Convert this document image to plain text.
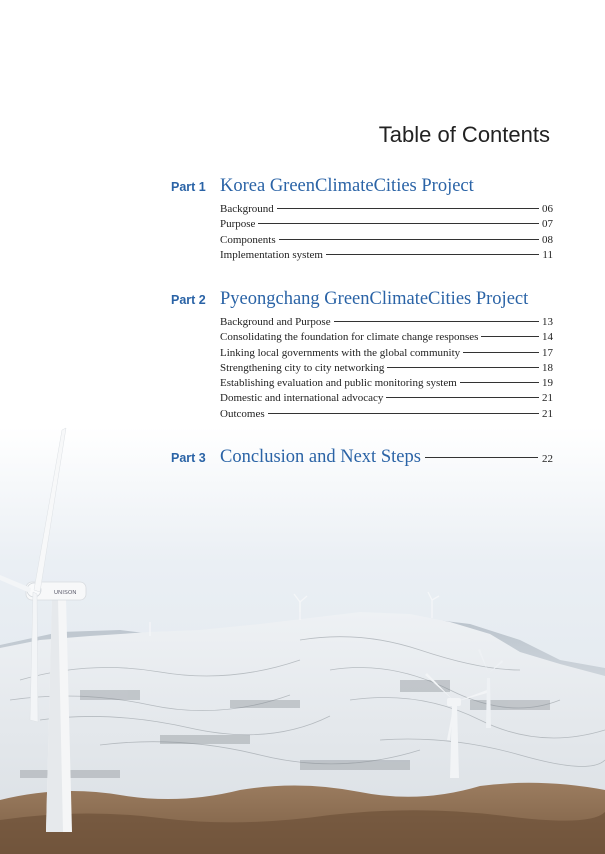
UNISON
Table of Contents
Part 1 Korea GreenClimateCities Project
Background	06
Purpose	07
Components	08
Implementation system	11
Part 2 Pyeongchang GreenClimateCities Project
Background and Purpose	13
Consolidating the foundation for climate change responses	14
Linking local governments with the global community	17
Strengthening city to city networking	18
Establishing evaluation and public monitoring system	19
Domestic and international advocacy	21
Outcomes	21
Part 3 Conclusion and Next Steps	22
